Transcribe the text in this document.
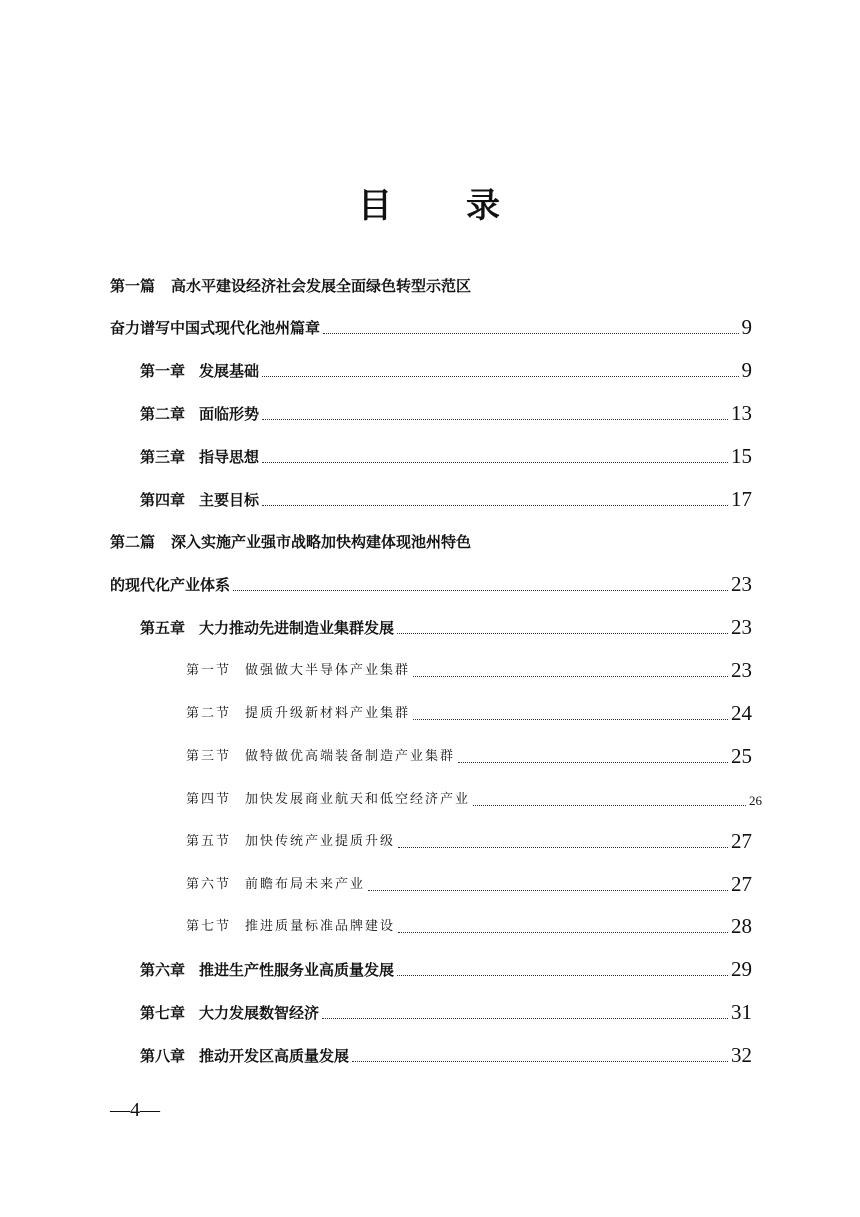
目 录
第一篇 高水平建设经济社会发展全面绿色转型示范区
奋力谱写中国式现代化池州篇章	9
第一章 发展基础	9
第二章 面临形势	13
第三章 指导思想	15
第四章 主要目标	17
第二篇 深入实施产业强市战略加快构建体现池州特色
的现代化产业体系	23
第五章 大力推动先进制造业集群发展	23
第一节 做强做大半导体产业集群	23
第二节 提质升级新材料产业集群	24
第三节 做特做优高端装备制造产业集群	25
第四节 加快发展商业航天和低空经济产业	26
第五节 加快传统产业提质升级	27
第六节 前瞻布局未来产业	27
第七节 推进质量标准品牌建设	28
第六章 推进生产性服务业高质量发展	29
第七章 大力发展数智经济	31
第八章 推动开发区高质量发展	32
—4—
